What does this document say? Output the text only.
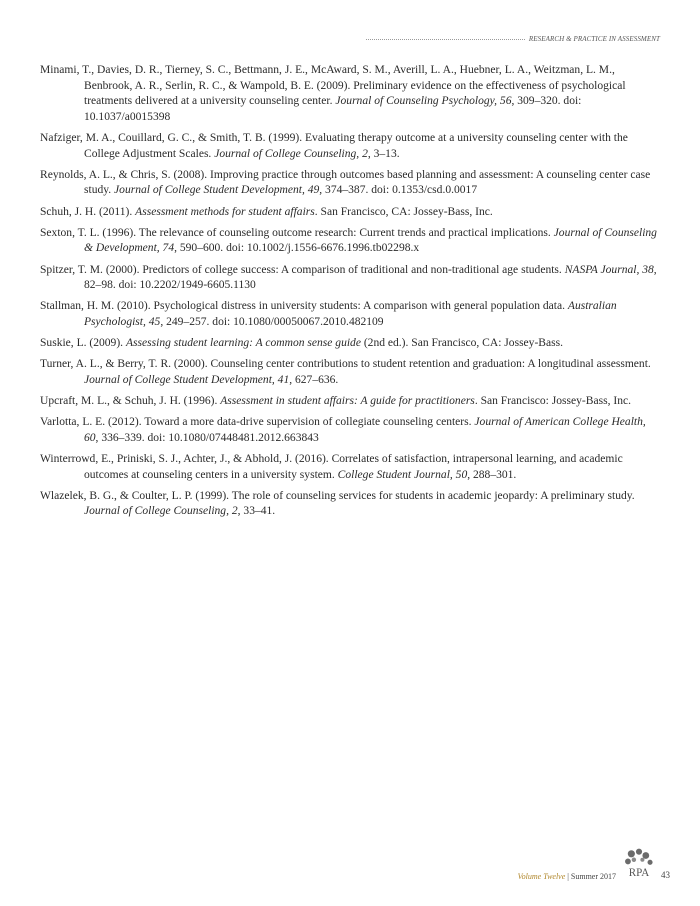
RESEARCH & PRACTICE IN ASSESSMENT

Minami, T., Davies, D. R., Tierney, S. C., Bettmann, J. E., McAward, S. M., Averill, L. A., Huebner, L. A., Weitzman, L. M., Benbrook, A. R., Serlin, R. C., & Wampold, B. E. (2009). Preliminary evidence on the effectiveness of psychological treatments delivered at a university counseling center. Journal of Counseling Psychology, 56, 309–320. doi: 10.1037/a0015398

Nafziger, M. A., Couillard, G. C., & Smith, T. B. (1999). Evaluating therapy outcome at a university counseling center with the College Adjustment Scales. Journal of College Counseling, 2, 3–13.

Reynolds, A. L., & Chris, S. (2008). Improving practice through outcomes based planning and assessment: A counseling center case study. Journal of College Student Development, 49, 374–387. doi: 0.1353/csd.0.0017

Schuh, J. H. (2011). Assessment methods for student affairs. San Francisco, CA: Jossey-Bass, Inc.

Sexton, T. L. (1996). The relevance of counseling outcome research: Current trends and practical implications. Journal of Counseling & Development, 74, 590–600. doi: 10.1002/j.1556-6676.1996.tb02298.x

Spitzer, T. M. (2000). Predictors of college success: A comparison of traditional and non-traditional age students. NASPA Journal, 38, 82–98. doi: 10.2202/1949-6605.1130

Stallman, H. M. (2010). Psychological distress in university students: A comparison with general population data. Australian Psychologist, 45, 249–257. doi: 10.1080/00050067.2010.482109

Suskie, L. (2009). Assessing student learning: A common sense guide (2nd ed.). San Francisco, CA: Jossey-Bass.

Turner, A. L., & Berry, T. R. (2000). Counseling center contributions to student retention and graduation: A longitudinal assessment. Journal of College Student Development, 41, 627–636.

Upcraft, M. L., & Schuh, J. H. (1996). Assessment in student affairs: A guide for practitioners. San Francisco: Jossey-Bass, Inc.

Varlotta, L. E. (2012). Toward a more data-drive supervision of collegiate counseling centers. Journal of American College Health, 60, 336–339. doi: 10.1080/07448481.2012.663843

Winterrowd, E., Priniski, S. J., Achter, J., & Abhold, J. (2016). Correlates of satisfaction, intrapersonal learning, and academic outcomes at counseling centers in a university system. College Student Journal, 50, 288–301.

Wlazelek, B. G., & Coulter, L. P. (1999). The role of counseling services for students in academic jeopardy: A preliminary study. Journal of College Counseling, 2, 33–41.

Volume Twelve | Summer 2017 RPA 43
